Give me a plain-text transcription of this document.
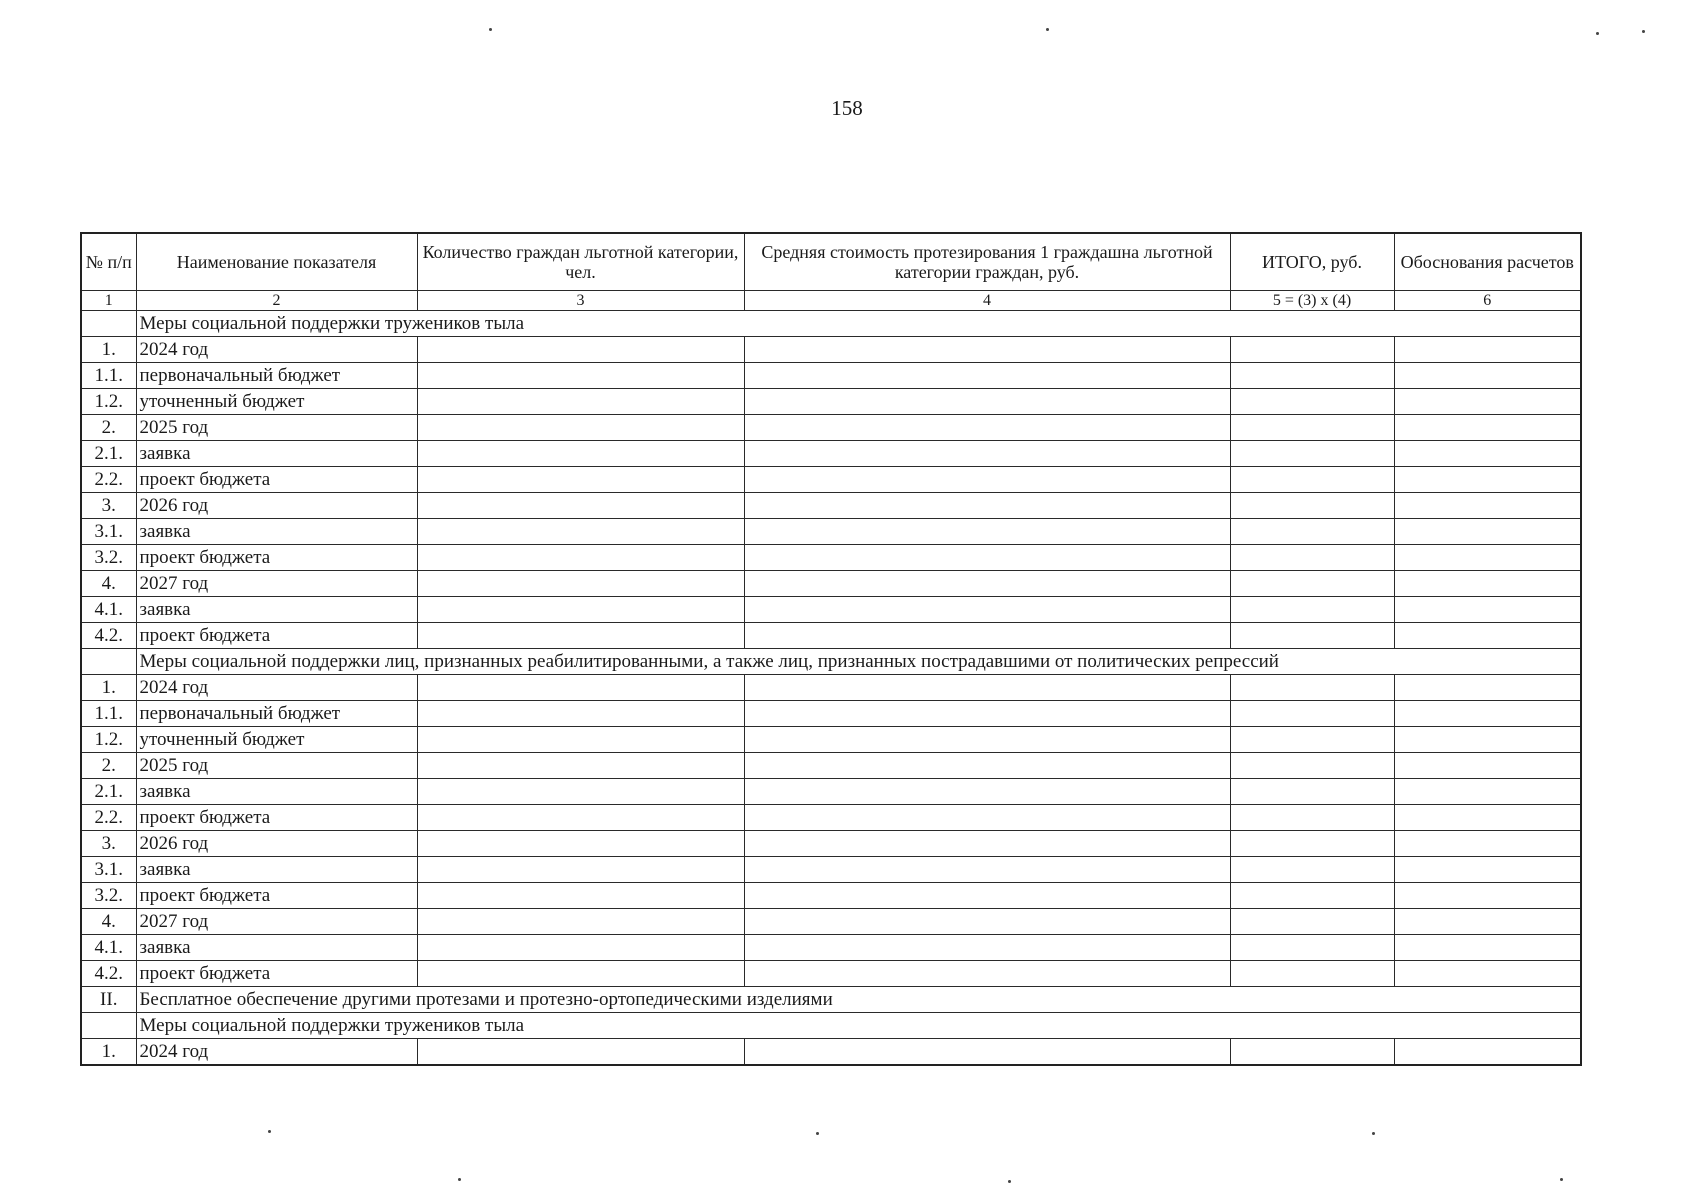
158
№ п/п	Наименование показателя	Количество граждан льготной категории, чел.	Средняя стоимость протезирования 1 граждашна льготной категории граждан, руб.	ИТОГО, руб.	Обоснования расчетов
1	2	3	4	5 = (3) х (4)	6
	Меры социальной поддержки тружеников тыла				
1.	2024 год				
1.1.	первоначальный бюджет				
1.2.	уточненный бюджет				
2.	2025 год				
2.1.	заявка				
2.2.	проект бюджета				
3.	2026 год				
3.1.	заявка				
3.2.	проект бюджета				
4.	2027 год				
4.1.	заявка				
4.2.	проект бюджета				
	Меры социальной поддержки лиц, признанных реабилитированными, а также лиц, признанных пострадавшими от политических репрессий				
1.	2024 год				
1.1.	первоначальный бюджет				
1.2.	уточненный бюджет				
2.	2025 год				
2.1.	заявка				
2.2.	проект бюджета				
3.	2026 год				
3.1.	заявка				
3.2.	проект бюджета				
4.	2027 год				
4.1.	заявка				
4.2.	проект бюджета				
II.	Бесплатное обеспечение другими протезами и протезно-ортопедическими изделиями				
	Меры социальной поддержки тружеников тыла				
1.	2024 год				
